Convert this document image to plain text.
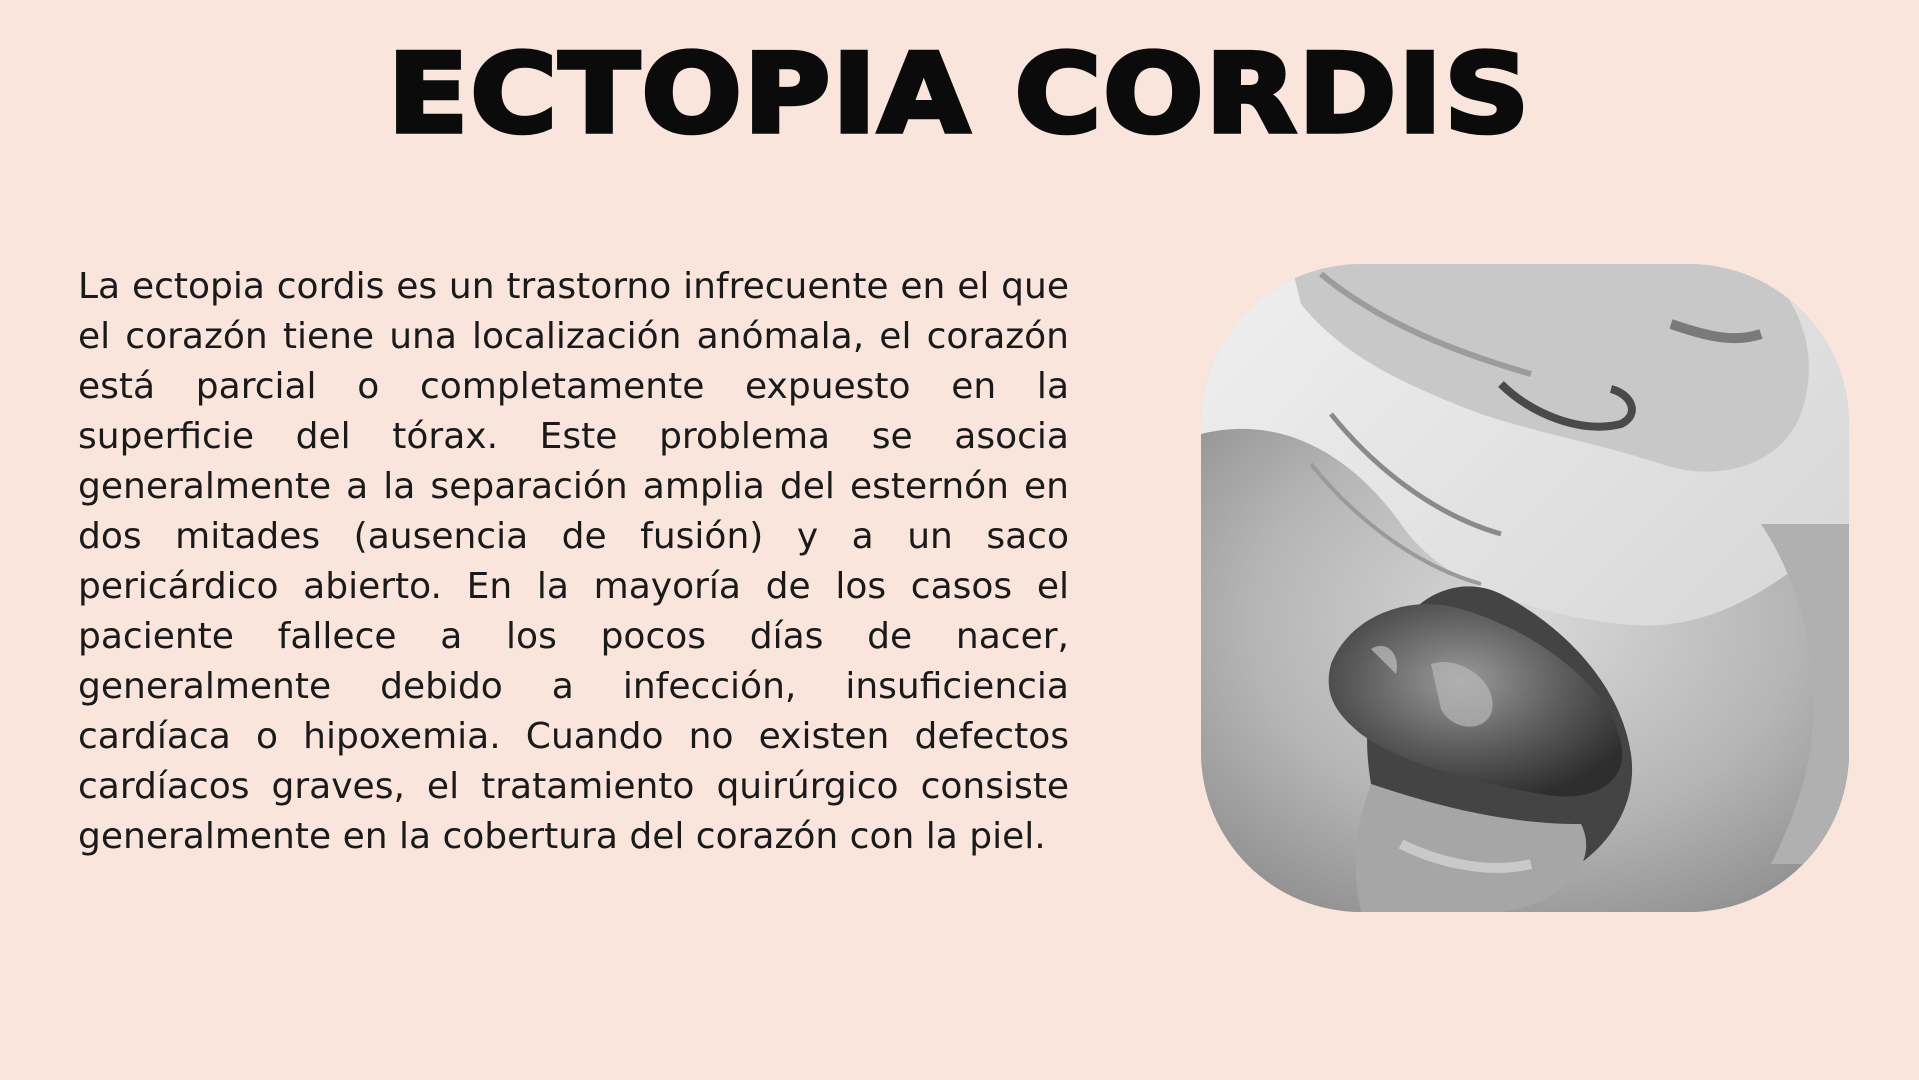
ECTOPIA CORDIS

La ectopia cordis es un trastorno infrecuente en el que el corazón tiene una localización anómala, el corazón está parcial o completamente expuesto en la superficie del tórax. Este problema se asocia generalmente a la separación amplia del esternón en dos mitades (ausencia de fusión) y a un saco pericárdico abierto. En la mayoría de los casos el paciente fallece a los pocos días de nacer, generalmente debido a infección, insuficiencia cardíaca o hipoxemia. Cuando no existen defectos cardíacos graves, el tratamiento quirúrgico consiste generalmente en la cobertura del corazón con la piel.
